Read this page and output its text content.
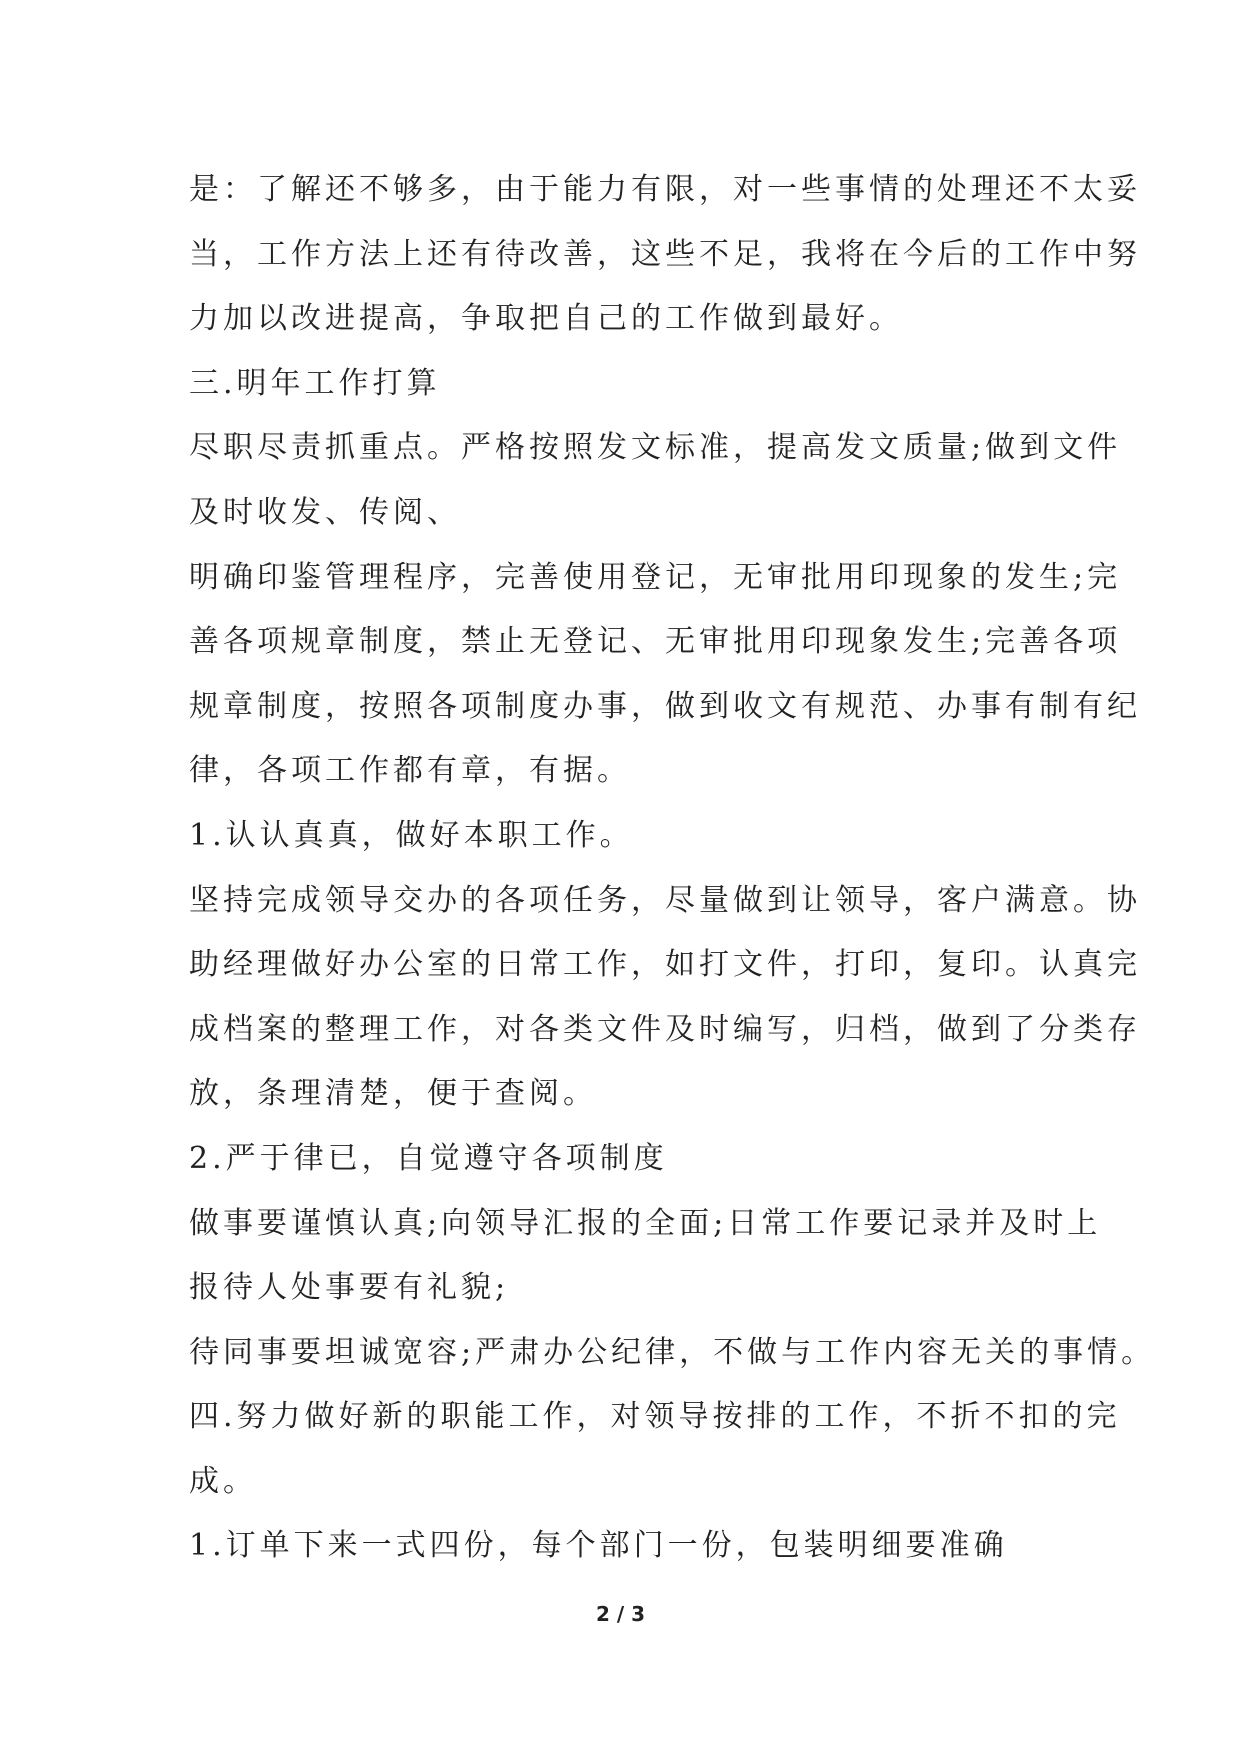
是：了解还不够多，由于能力有限，对一些事情的处理还不太妥
当，工作方法上还有待改善，这些不足，我将在今后的工作中努
力加以改进提高，争取把自己的工作做到最好。
三.明年工作打算
尽职尽责抓重点。严格按照发文标准，提高发文质量;做到文件
及时收发、传阅、
明确印鉴管理程序，完善使用登记，无审批用印现象的发生;完
善各项规章制度，禁止无登记、无审批用印现象发生;完善各项
规章制度，按照各项制度办事，做到收文有规范、办事有制有纪
律，各项工作都有章，有据。
1.认认真真，做好本职工作。
坚持完成领导交办的各项任务，尽量做到让领导，客户满意。协
助经理做好办公室的日常工作，如打文件，打印，复印。认真完
成档案的整理工作，对各类文件及时编写，归档，做到了分类存
放，条理清楚，便于查阅。
2.严于律已，自觉遵守各项制度
做事要谨慎认真;向领导汇报的全面;日常工作要记录并及时上
报待人处事要有礼貌;
待同事要坦诚宽容;严肃办公纪律，不做与工作内容无关的事情。
四.努力做好新的职能工作，对领导按排的工作，不折不扣的完
成。
1.订单下来一式四份，每个部门一份，包装明细要准确
2 / 3
